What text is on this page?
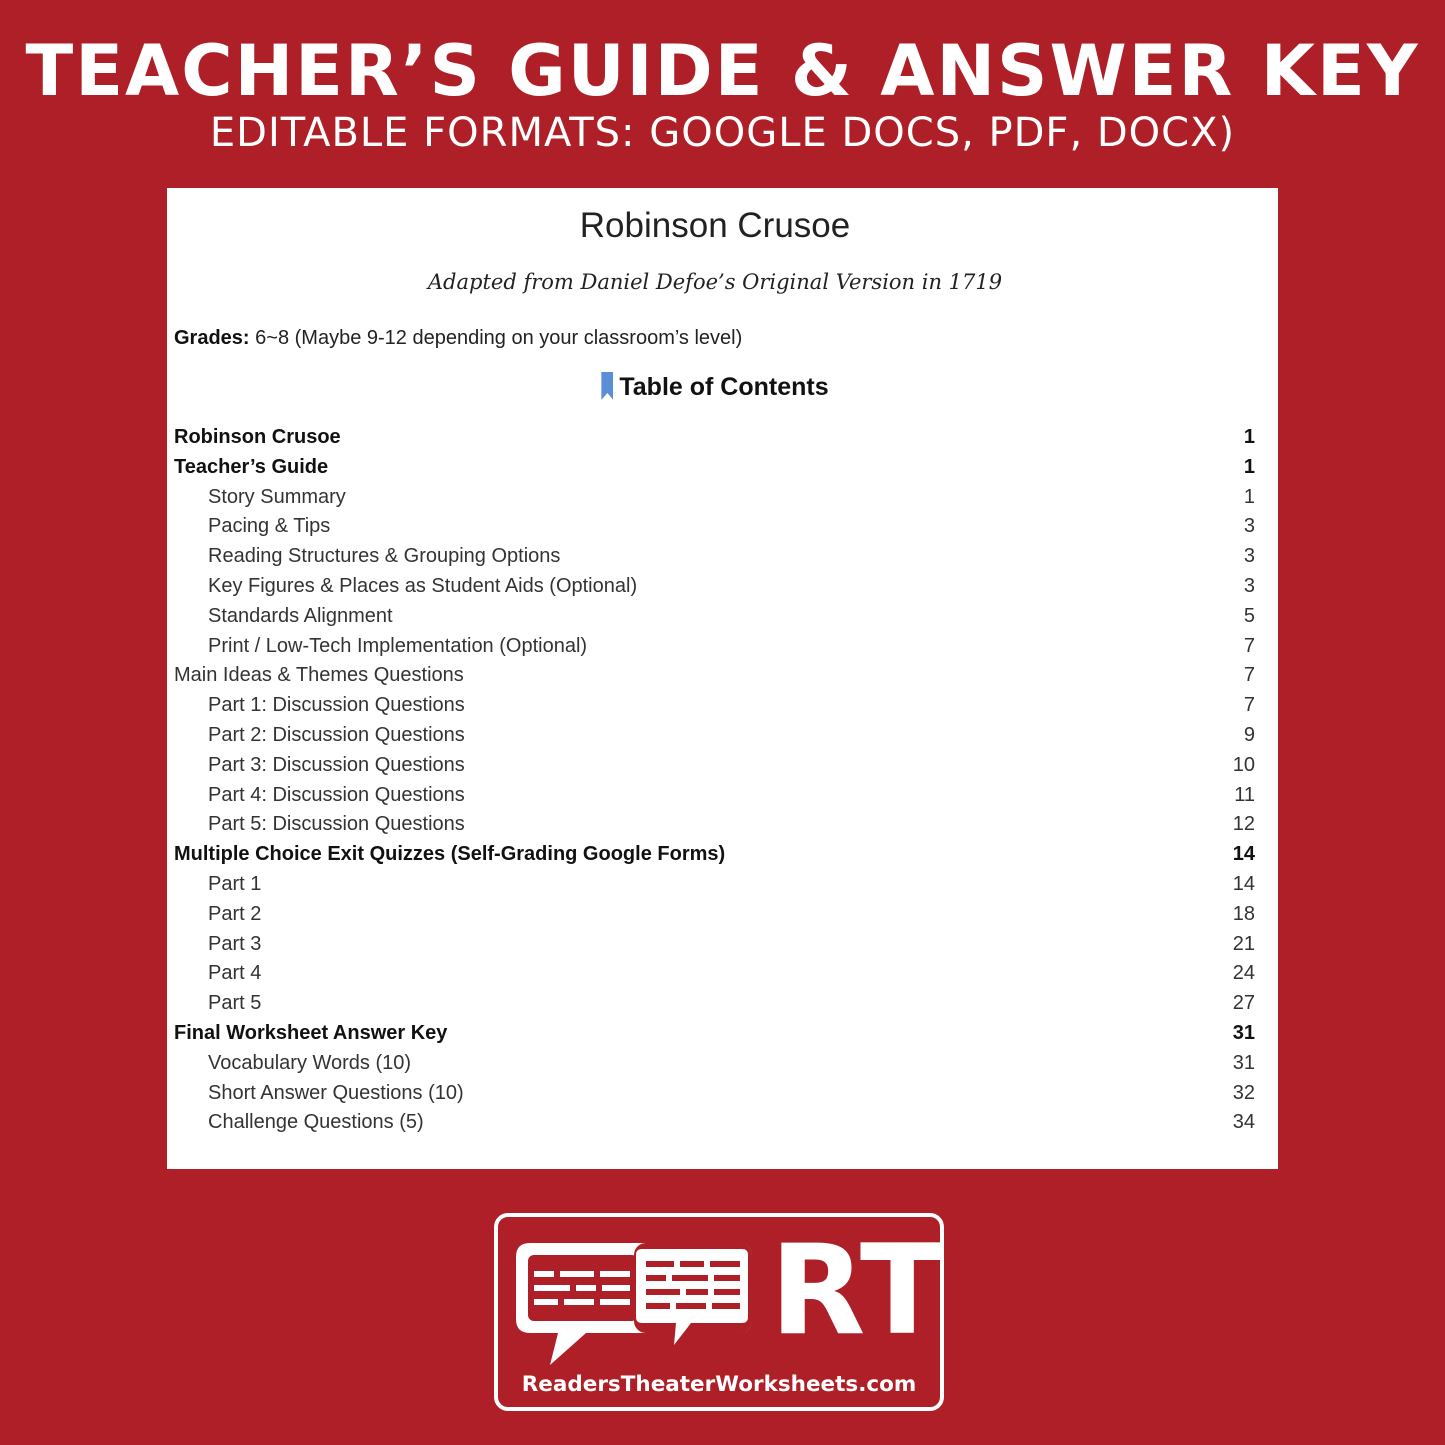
TEACHER’S GUIDE & ANSWER KEY
EDITABLE FORMATS: GOOGLE DOCS, PDF, DOCX)
Robinson Crusoe
Adapted from Daniel Defoe’s Original Version in 1719
Grades: 6~8 (Maybe 9-12 depending on your classroom’s level)
Table of Contents
Robinson Crusoe	1
Teacher’s Guide	1
Story Summary	1
Pacing & Tips	3
Reading Structures & Grouping Options	3
Key Figures & Places as Student Aids (Optional)	3
Standards Alignment	5
Print / Low-Tech Implementation (Optional)	7
Main Ideas & Themes Questions	7
Part 1: Discussion Questions	7
Part 2: Discussion Questions	9
Part 3: Discussion Questions	10
Part 4: Discussion Questions	11
Part 5: Discussion Questions	12
Multiple Choice Exit Quizzes (Self-Grading Google Forms)	14
Part 1	14
Part 2	18
Part 3	21
Part 4	24
Part 5	27
Final Worksheet Answer Key	31
Vocabulary Words (10)	31
Short Answer Questions (10)	32
Challenge Questions (5)	34
RT
ReadersTheaterWorksheets.com
